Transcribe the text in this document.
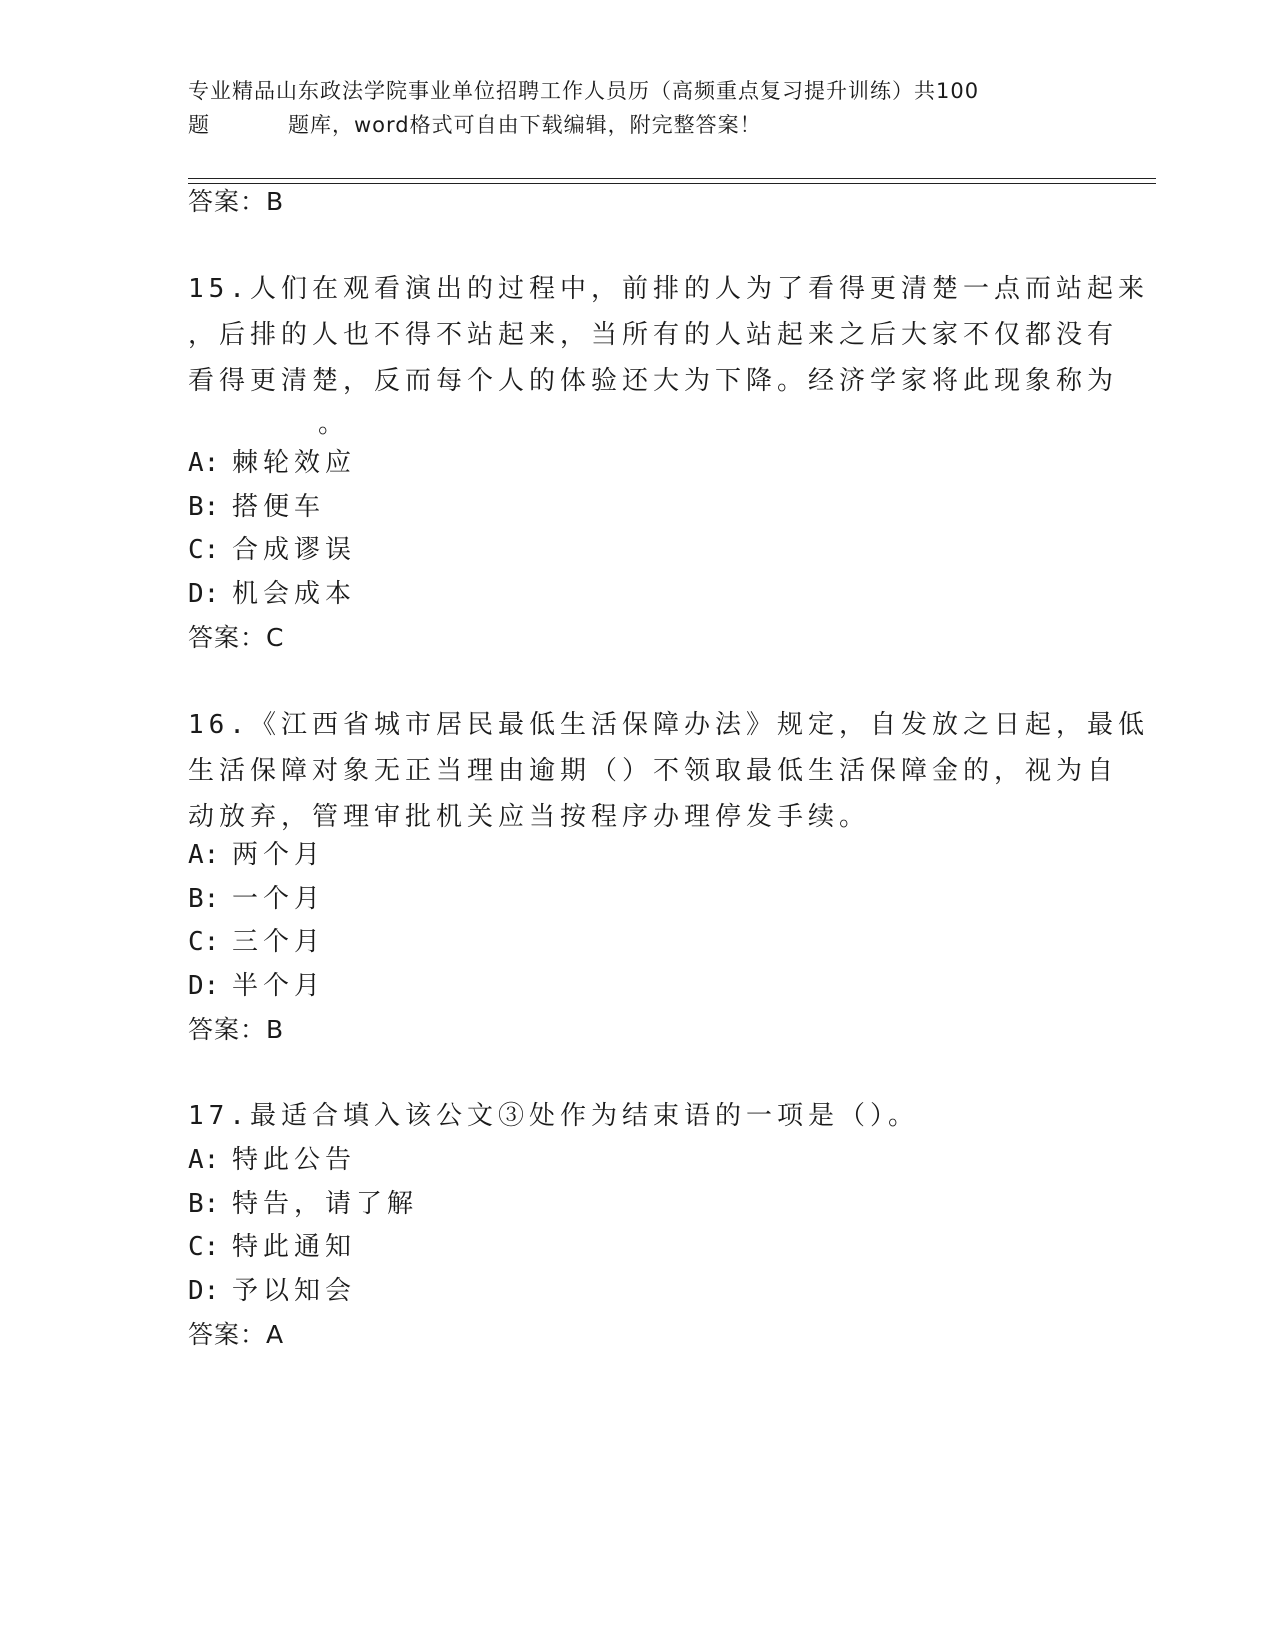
专业精品山东政法学院事业单位招聘工作人员历（高频重点复习提升训练）共100
题	题库，word格式可自由下载编辑，附完整答案！
答案：B
15.人们在观看演出的过程中，前排的人为了看得更清楚一点而站起来
，后排的人也不得不站起来，当所有的人站起来之后大家不仅都没有
看得更清楚，反而每个人的体验还大为下降。经济学家将此现象称为
。
A: 棘轮效应
B: 搭便车
C: 合成谬误
D: 机会成本
答案：C
16.《江西省城市居民最低生活保障办法》规定，自发放之日起，最低
生活保障对象无正当理由逾期（）不领取最低生活保障金的，视为自
动放弃，管理审批机关应当按程序办理停发手续。
A: 两个月
B: 一个月
C: 三个月
D: 半个月
答案：B
17.最适合填入该公文③处作为结束语的一项是（）。
A: 特此公告
B: 特告，请了解
C: 特此通知
D: 予以知会
答案：A
